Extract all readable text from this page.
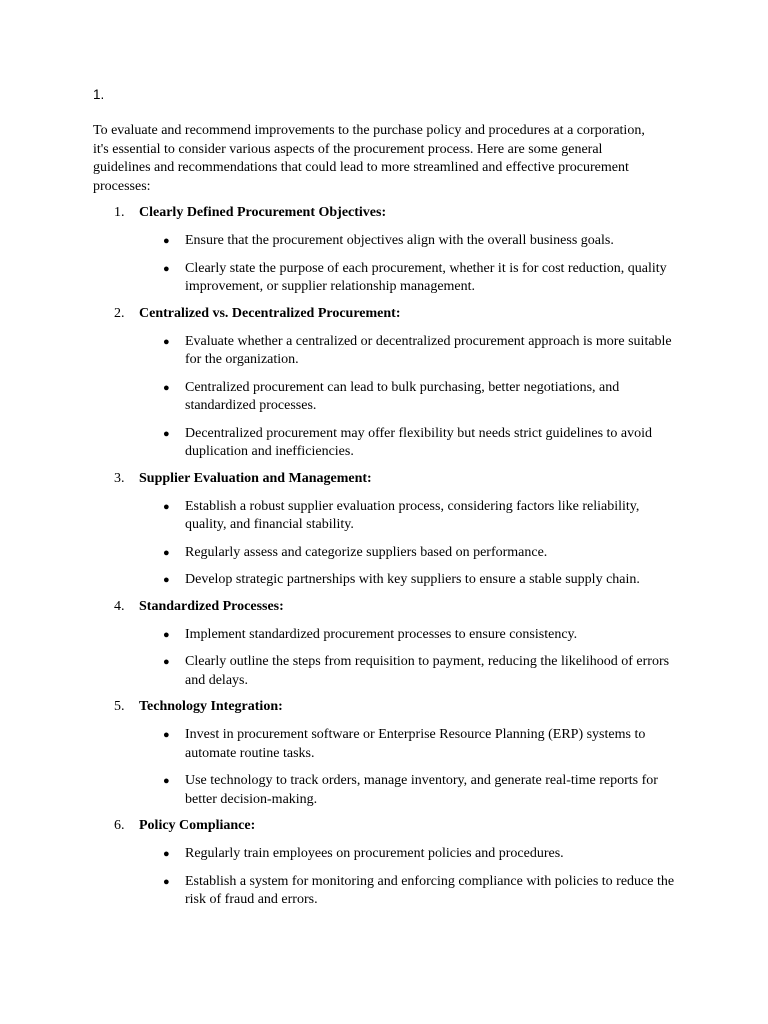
1.

To evaluate and recommend improvements to the purchase policy and procedures at a corporation, it's essential to consider various aspects of the procurement process. Here are some general guidelines and recommendations that could lead to more streamlined and effective procurement processes:

1.	Clearly Defined Procurement Objectives:
●	Ensure that the procurement objectives align with the overall business goals.
●	Clearly state the purpose of each procurement, whether it is for cost reduction, quality improvement, or supplier relationship management.
2.	Centralized vs. Decentralized Procurement:
●	Evaluate whether a centralized or decentralized procurement approach is more suitable for the organization.
●	Centralized procurement can lead to bulk purchasing, better negotiations, and standardized processes.
●	Decentralized procurement may offer flexibility but needs strict guidelines to avoid duplication and inefficiencies.
3.	Supplier Evaluation and Management:
●	Establish a robust supplier evaluation process, considering factors like reliability, quality, and financial stability.
●	Regularly assess and categorize suppliers based on performance.
●	Develop strategic partnerships with key suppliers to ensure a stable supply chain.
4.	Standardized Processes:
●	Implement standardized procurement processes to ensure consistency.
●	Clearly outline the steps from requisition to payment, reducing the likelihood of errors and delays.
5.	Technology Integration:
●	Invest in procurement software or Enterprise Resource Planning (ERP) systems to automate routine tasks.
●	Use technology to track orders, manage inventory, and generate real-time reports for better decision-making.
6.	Policy Compliance:
●	Regularly train employees on procurement policies and procedures.
●	Establish a system for monitoring and enforcing compliance with policies to reduce the risk of fraud and errors.
